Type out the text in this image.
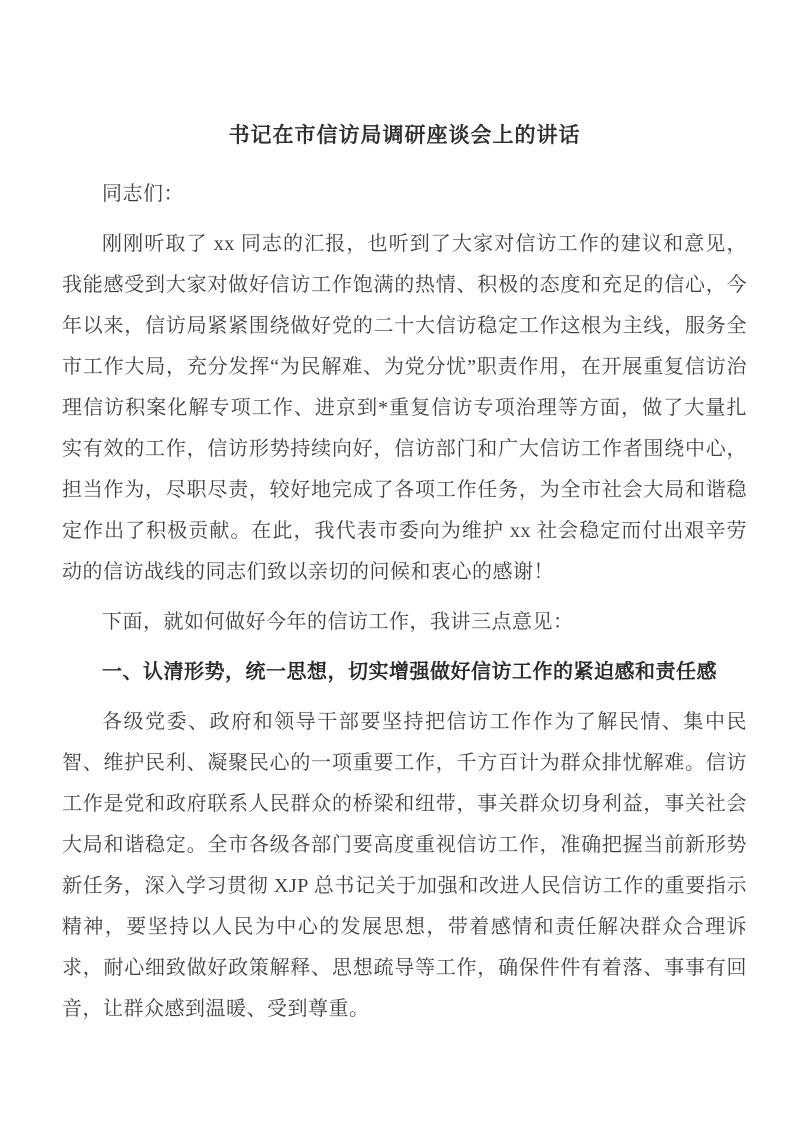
书记在市信访局调研座谈会上的讲话

同志们：

刚刚听取了 xx 同志的汇报，也听到了大家对信访工作的建议和意见，我能感受到大家对做好信访工作饱满的热情、积极的态度和充足的信心，今年以来，信访局紧紧围绕做好党的二十大信访稳定工作这根为主线，服务全市工作大局，充分发挥“为民解难、为党分忧”职责作用，在开展重复信访治理信访积案化解专项工作、进京到*重复信访专项治理等方面，做了大量扎实有效的工作，信访形势持续向好，信访部门和广大信访工作者围绕中心，担当作为，尽职尽责，较好地完成了各项工作任务，为全市社会大局和谐稳定作出了积极贡献。在此，我代表市委向为维护 xx 社会稳定而付出艰辛劳动的信访战线的同志们致以亲切的问候和衷心的感谢！

下面，就如何做好今年的信访工作，我讲三点意见：

一、认清形势，统一思想，切实增强做好信访工作的紧迫感和责任感

各级党委、政府和领导干部要坚持把信访工作作为了解民情、集中民智、维护民利、凝聚民心的一项重要工作，千方百计为群众排忧解难。信访工作是党和政府联系人民群众的桥梁和纽带，事关群众切身利益，事关社会大局和谐稳定。全市各级各部门要高度重视信访工作，准确把握当前新形势新任务，深入学习贯彻 XJP 总书记关于加强和改进人民信访工作的重要指示精神，要坚持以人民为中心的发展思想，带着感情和责任解决群众合理诉求，耐心细致做好政策解释、思想疏导等工作，确保件件有着落、事事有回音，让群众感到温暖、受到尊重。
